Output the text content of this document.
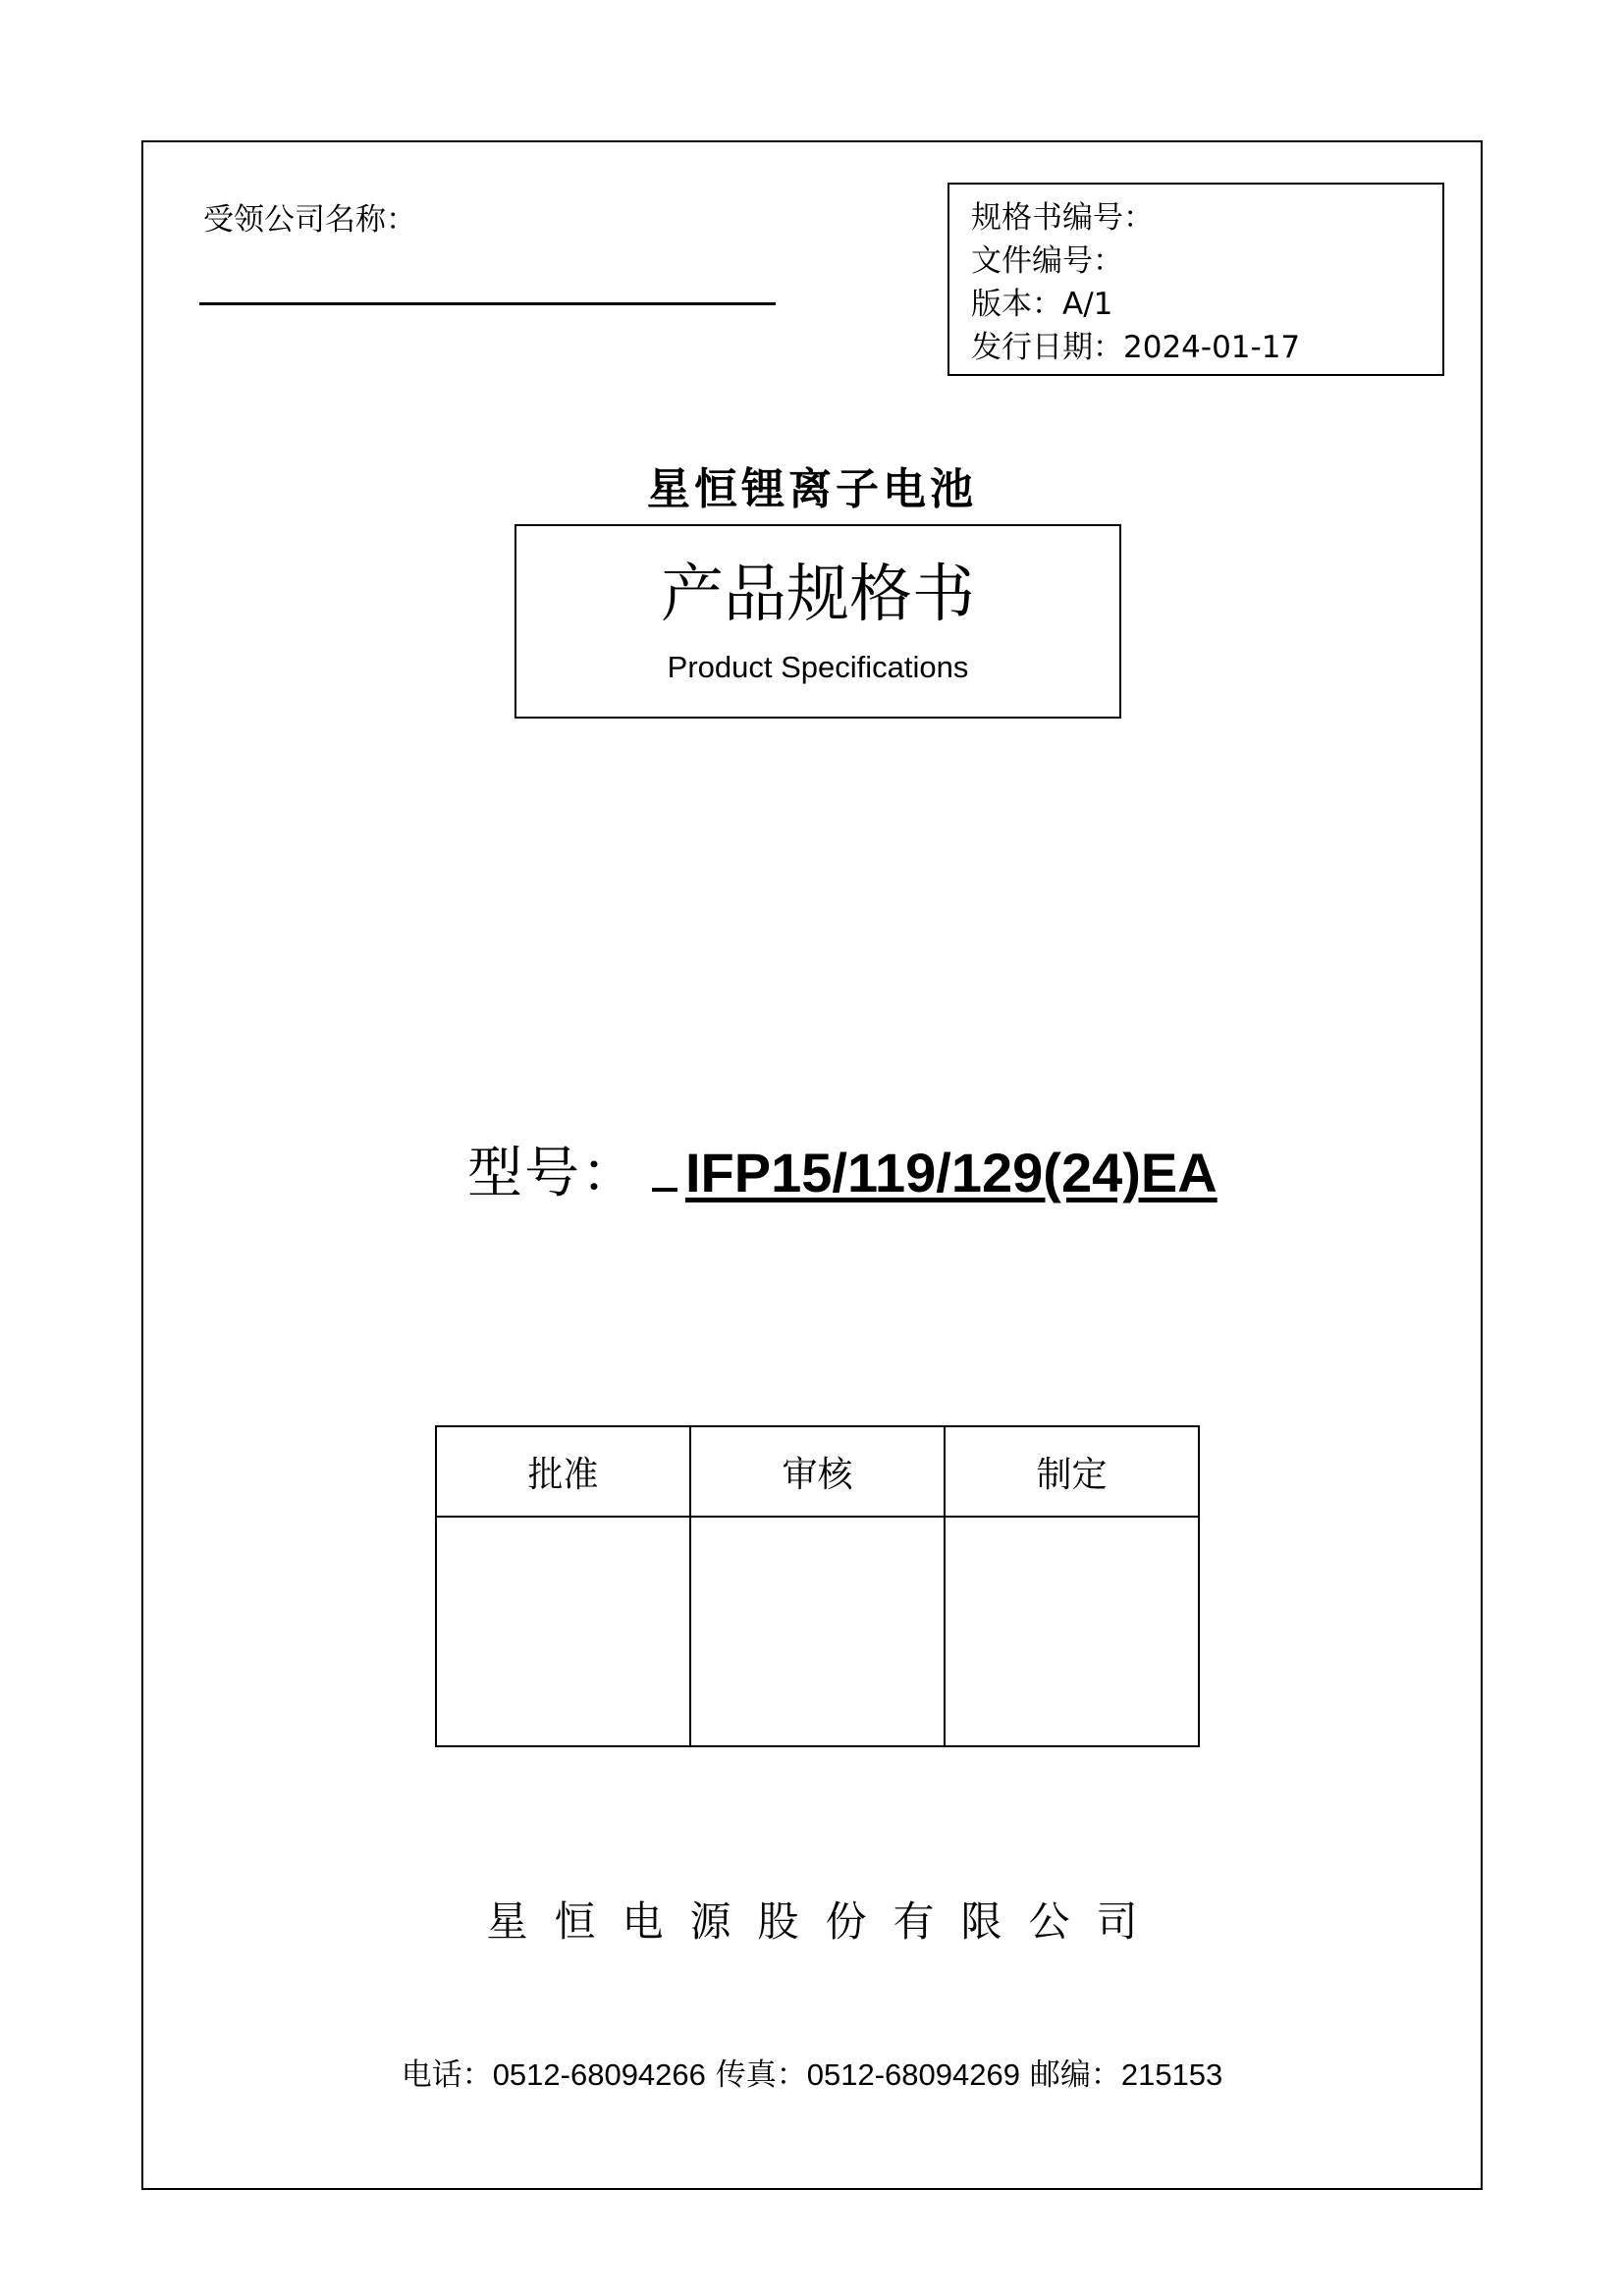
受领公司名称：	规格书编号：
文件编号：
版本：A/1
发行日期：2024-01-17
星恒锂离子电池
产品规格书
Product Specifications
型号： IFP15/119/129(24)EA
批准	审核	制定

星恒电源股份有限公司
电话：0512-68094266 传真：0512-68094269 邮编：215153
